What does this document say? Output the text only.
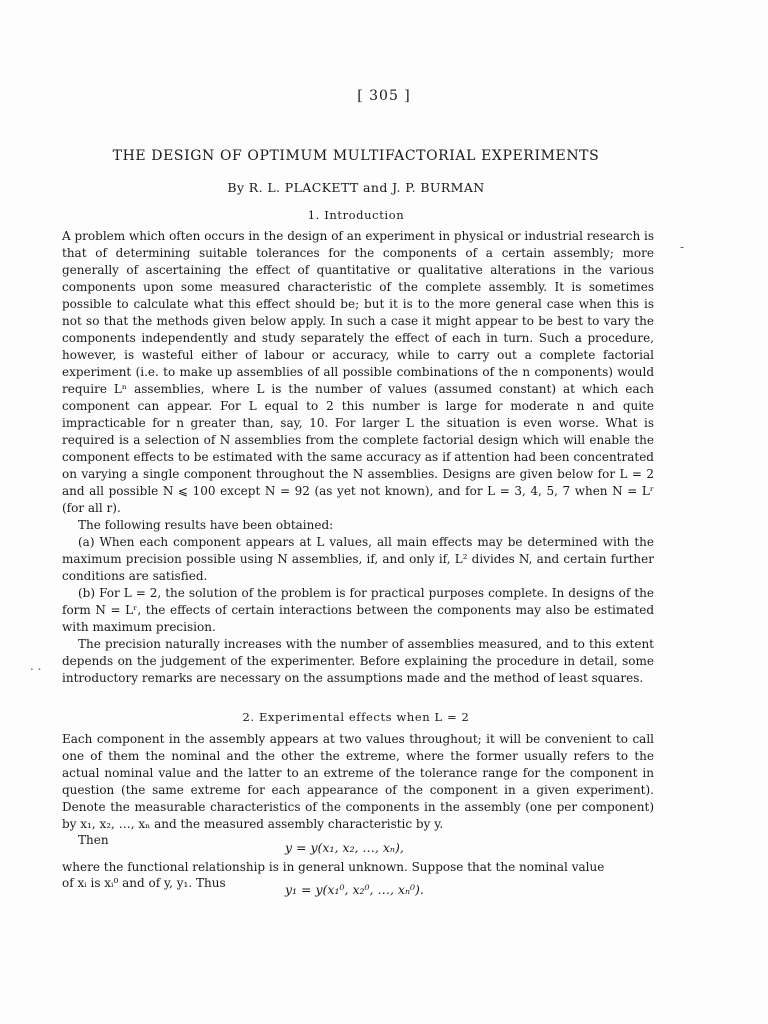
[ 305 ]
THE DESIGN OF OPTIMUM MULTIFACTORIAL EXPERIMENTS
By R. L. PLACKETT and J. P. BURMAN
1. Introduction

A problem which often occurs in the design of an experiment in physical or industrial research is that of determining suitable tolerances for the components of a certain assembly; more generally of ascertaining the effect of quantitative or qualitative alterations in the various components upon some measured characteristic of the complete assembly. It is sometimes possible to calculate what this effect should be; but it is to the more general case when this is not so that the methods given below apply. In such a case it might appear to be best to vary the components independently and study separately the effect of each in turn. Such a procedure, however, is wasteful either of labour or accuracy, while to carry out a complete factorial experiment (i.e. to make up assemblies of all possible combinations of the n components) would require Lⁿ assemblies, where L is the number of values (assumed constant) at which each component can appear. For L equal to 2 this number is large for moderate n and quite impracticable for n greater than, say, 10. For larger L the situation is even worse. What is required is a selection of N assemblies from the complete factorial design which will enable the component effects to be estimated with the same accuracy as if attention had been concentrated on varying a single component throughout the N assemblies. Designs are given below for L = 2 and all possible N ⩽ 100 except N = 92 (as yet not known), and for L = 3, 4, 5, 7 when N = Lʳ (for all r).

The following results have been obtained:

(a) When each component appears at L values, all main effects may be determined with the maximum precision possible using N assemblies, if, and only if, L² divides N, and certain further conditions are satisfied.

(b) For L = 2, the solution of the problem is for practical purposes complete. In designs of the form N = Lʳ, the effects of certain interactions between the components may also be estimated with maximum precision.

The precision naturally increases with the number of assemblies measured, and to this extent depends on the judgement of the experimenter. Before explaining the procedure in detail, some introductory remarks are necessary on the assumptions made and the method of least squares.

2. Experimental effects when L = 2

Each component in the assembly appears at two values throughout; it will be convenient to call one of them the nominal and the other the extreme, where the former usually refers to the actual nominal value and the latter to an extreme of the tolerance range for the component in question (the same extreme for each appearance of the component in a given experiment). Denote the measurable characteristics of the components in the assembly (one per component) by x₁, x₂, …, xₙ and the measured assembly characteristic by y.

Then	y = y(x₁, x₂, …, xₙ),

where the functional relationship is in general unknown. Suppose that the nominal value

of xᵢ is xᵢ⁰ and of y, y₁. Thus	y₁ = y(x₁⁰, x₂⁰, …, xₙ⁰).
-
. .
